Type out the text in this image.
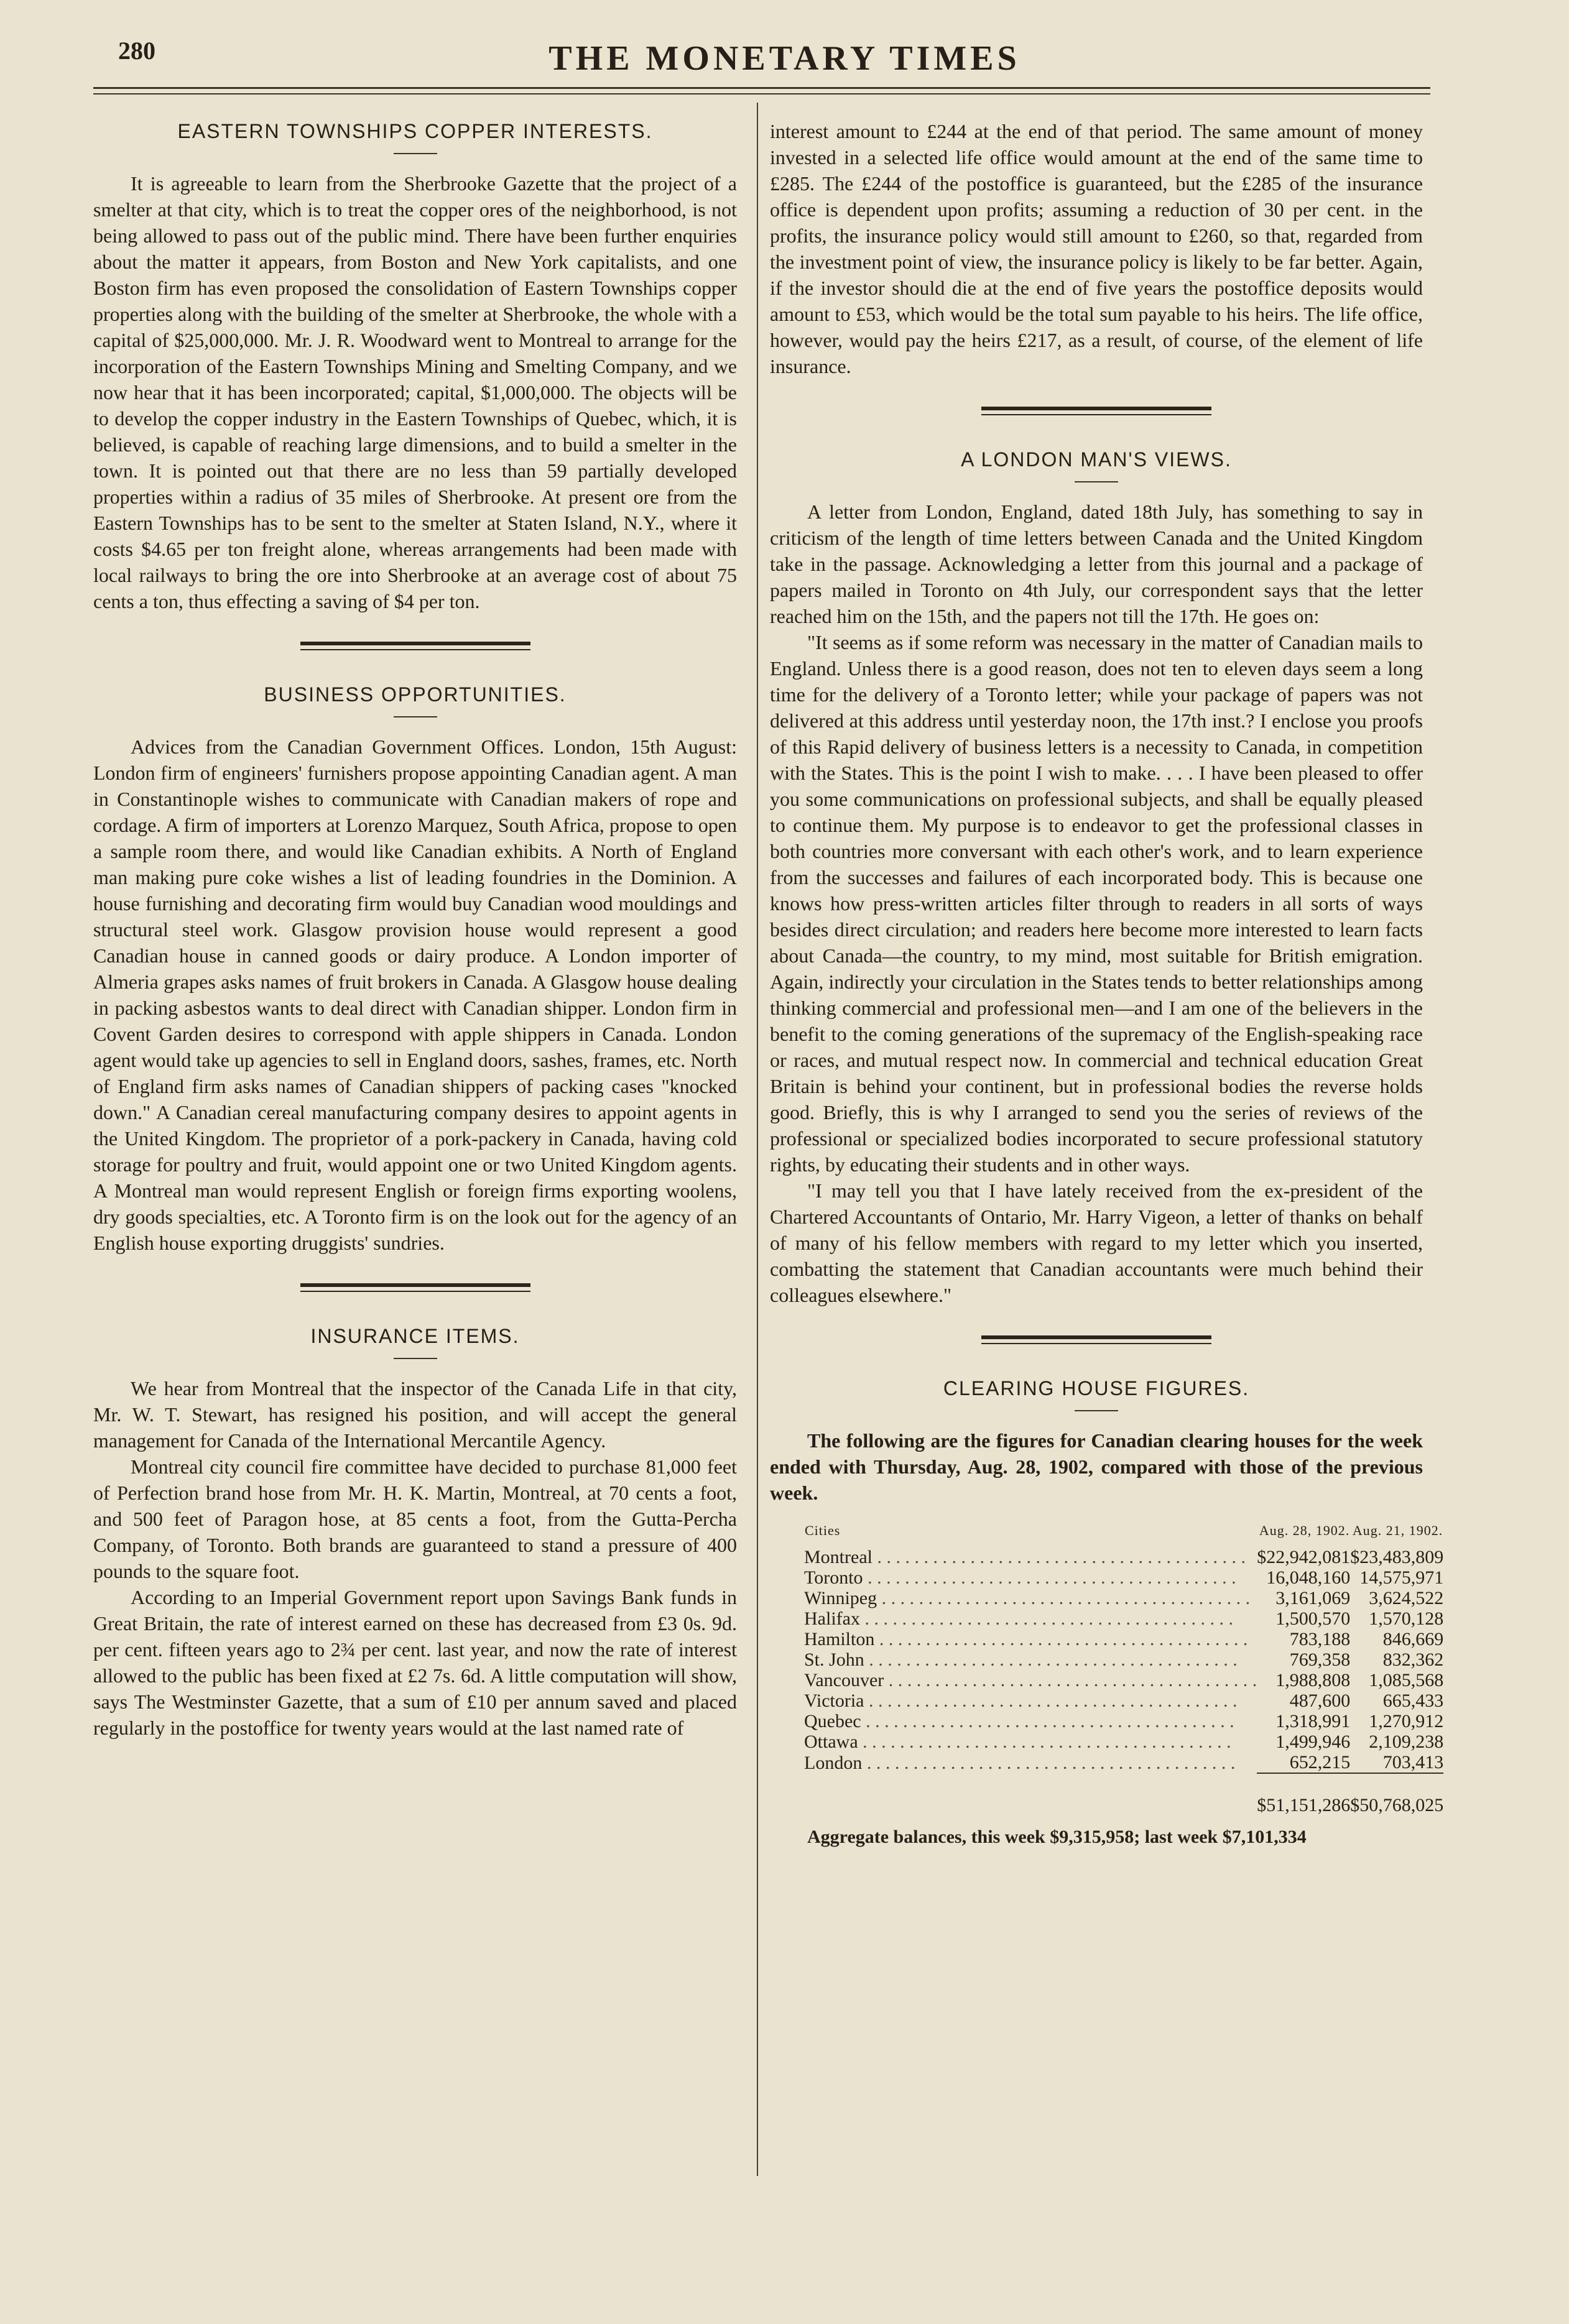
280	THE MONETARY TIMES
EASTERN TOWNSHIPS COPPER INTERESTS.

It is agreeable to learn from the Sherbrooke Gazette that the project of a smelter at that city, which is to treat the copper ores of the neighborhood, is not being allowed to pass out of the public mind. There have been further enquiries about the matter it appears, from Boston and New York capitalists, and one Boston firm has even proposed the consolidation of Eastern Townships copper properties along with the building of the smelter at Sherbrooke, the whole with a capital of $25,000,000. Mr. J. R. Woodward went to Montreal to arrange for the incorporation of the Eastern Townships Mining and Smelting Company, and we now hear that it has been incorporated; capital, $1,000,000. The objects will be to develop the copper industry in the Eastern Townships of Quebec, which, it is believed, is capable of reaching large dimensions, and to build a smelter in the town. It is pointed out that there are no less than 59 partially developed properties within a radius of 35 miles of Sherbrooke. At present ore from the Eastern Townships has to be sent to the smelter at Staten Island, N.Y., where it costs $4.65 per ton freight alone, whereas arrangements had been made with local railways to bring the ore into Sherbrooke at an average cost of about 75 cents a ton, thus effecting a saving of $4 per ton.

BUSINESS OPPORTUNITIES.

Advices from the Canadian Government Offices. London, 15th August: London firm of engineers' furnishers propose appointing Canadian agent. A man in Constantinople wishes to communicate with Canadian makers of rope and cordage. A firm of importers at Lorenzo Marquez, South Africa, propose to open a sample room there, and would like Canadian exhibits. A North of England man making pure coke wishes a list of leading foundries in the Dominion. A house furnishing and decorating firm would buy Canadian wood mouldings and structural steel work. Glasgow provision house would represent a good Canadian house in canned goods or dairy produce. A London importer of Almeria grapes asks names of fruit brokers in Canada. A Glasgow house dealing in packing asbestos wants to deal direct with Canadian shipper. London firm in Covent Garden desires to correspond with apple shippers in Canada. London agent would take up agencies to sell in England doors, sashes, frames, etc. North of England firm asks names of Canadian shippers of packing cases "knocked down." A Canadian cereal manufacturing company desires to appoint agents in the United Kingdom. The proprietor of a pork-packery in Canada, having cold storage for poultry and fruit, would appoint one or two United Kingdom agents. A Montreal man would represent English or foreign firms exporting woolens, dry goods specialties, etc. A Toronto firm is on the look out for the agency of an English house exporting druggists' sundries.

INSURANCE ITEMS.

We hear from Montreal that the inspector of the Canada Life in that city, Mr. W. T. Stewart, has resigned his position, and will accept the general management for Canada of the International Mercantile Agency.

Montreal city council fire committee have decided to purchase 81,000 feet of Perfection brand hose from Mr. H. K. Martin, Montreal, at 70 cents a foot, and 500 feet of Paragon hose, at 85 cents a foot, from the Gutta-Percha Company, of Toronto. Both brands are guaranteed to stand a pressure of 400 pounds to the square foot.

According to an Imperial Government report upon Savings Bank funds in Great Britain, the rate of interest earned on these has decreased from £3 0s. 9d. per cent. fifteen years ago to 2¾ per cent. last year, and now the rate of interest allowed to the public has been fixed at £2 7s. 6d. A little computation will show, says The Westminster Gazette, that a sum of £10 per annum saved and placed regularly in the postoffice for twenty years would at the last named rate of

interest amount to £244 at the end of that period. The same amount of money invested in a selected life office would amount at the end of the same time to £285. The £244 of the postoffice is guaranteed, but the £285 of the insurance office is dependent upon profits; assuming a reduction of 30 per cent. in the profits, the insurance policy would still amount to £260, so that, regarded from the investment point of view, the insurance policy is likely to be far better. Again, if the investor should die at the end of five years the postoffice deposits would amount to £53, which would be the total sum payable to his heirs. The life office, however, would pay the heirs £217, as a result, of course, of the element of life insurance.

A LONDON MAN'S VIEWS.

A letter from London, England, dated 18th July, has something to say in criticism of the length of time letters between Canada and the United Kingdom take in the passage. Acknowledging a letter from this journal and a package of papers mailed in Toronto on 4th July, our correspondent says that the letter reached him on the 15th, and the papers not till the 17th. He goes on:

"It seems as if some reform was necessary in the matter of Canadian mails to England. Unless there is a good reason, does not ten to eleven days seem a long time for the delivery of a Toronto letter; while your package of papers was not delivered at this address until yesterday noon, the 17th inst.? I enclose you proofs of this Rapid delivery of business letters is a necessity to Canada, in competition with the States. This is the point I wish to make. . . . I have been pleased to offer you some communications on professional subjects, and shall be equally pleased to continue them. My purpose is to endeavor to get the professional classes in both countries more conversant with each other's work, and to learn experience from the successes and failures of each incorporated body. This is because one knows how press-written articles filter through to readers in all sorts of ways besides direct circulation; and readers here become more interested to learn facts about Canada—the country, to my mind, most suitable for British emigration. Again, indirectly your circulation in the States tends to better relationships among thinking commercial and professional men—and I am one of the believers in the benefit to the coming generations of the supremacy of the English-speaking race or races, and mutual respect now. In commercial and technical education Great Britain is behind your continent, but in professional bodies the reverse holds good. Briefly, this is why I arranged to send you the series of reviews of the professional or specialized bodies incorporated to secure professional statutory rights, by educating their students and in other ways.

"I may tell you that I have lately received from the ex-president of the Chartered Accountants of Ontario, Mr. Harry Vigeon, a letter of thanks on behalf of many of his fellow members with regard to my letter which you inserted, combatting the statement that Canadian accountants were much behind their colleagues elsewhere."

CLEARING HOUSE FIGURES.

The following are the figures for Canadian clearing houses for the week ended with Thursday, Aug. 28, 1902, compared with those of the previous week.

Cities	Aug. 28, 1902.	Aug. 21, 1902.
Montreal . . . . . . . . . . . . . . . . . . . . . . . . . . . . . . . . . . . . . . . .	$22,942,081	$23,483,809
Toronto . . . . . . . . . . . . . . . . . . . . . . . . . . . . . . . . . . . . . . . .	16,048,160	14,575,971
Winnipeg . . . . . . . . . . . . . . . . . . . . . . . . . . . . . . . . . . . . . . . .	3,161,069	3,624,522
Halifax . . . . . . . . . . . . . . . . . . . . . . . . . . . . . . . . . . . . . . . .	1,500,570	1,570,128
Hamilton . . . . . . . . . . . . . . . . . . . . . . . . . . . . . . . . . . . . . . . .	783,188	846,669
St. John . . . . . . . . . . . . . . . . . . . . . . . . . . . . . . . . . . . . . . . .	769,358	832,362
Vancouver . . . . . . . . . . . . . . . . . . . . . . . . . . . . . . . . . . . . . . . .	1,988,808	1,085,568
Victoria . . . . . . . . . . . . . . . . . . . . . . . . . . . . . . . . . . . . . . . .	487,600	665,433
Quebec . . . . . . . . . . . . . . . . . . . . . . . . . . . . . . . . . . . . . . . .	1,318,991	1,270,912
Ottawa . . . . . . . . . . . . . . . . . . . . . . . . . . . . . . . . . . . . . . . .	1,499,946	2,109,238
London . . . . . . . . . . . . . . . . . . . . . . . . . . . . . . . . . . . . . . . .	652,215	703,413
	$51,151,286	$50,768,025
Aggregate balances, this week $9,315,958; last week $7,101,334
